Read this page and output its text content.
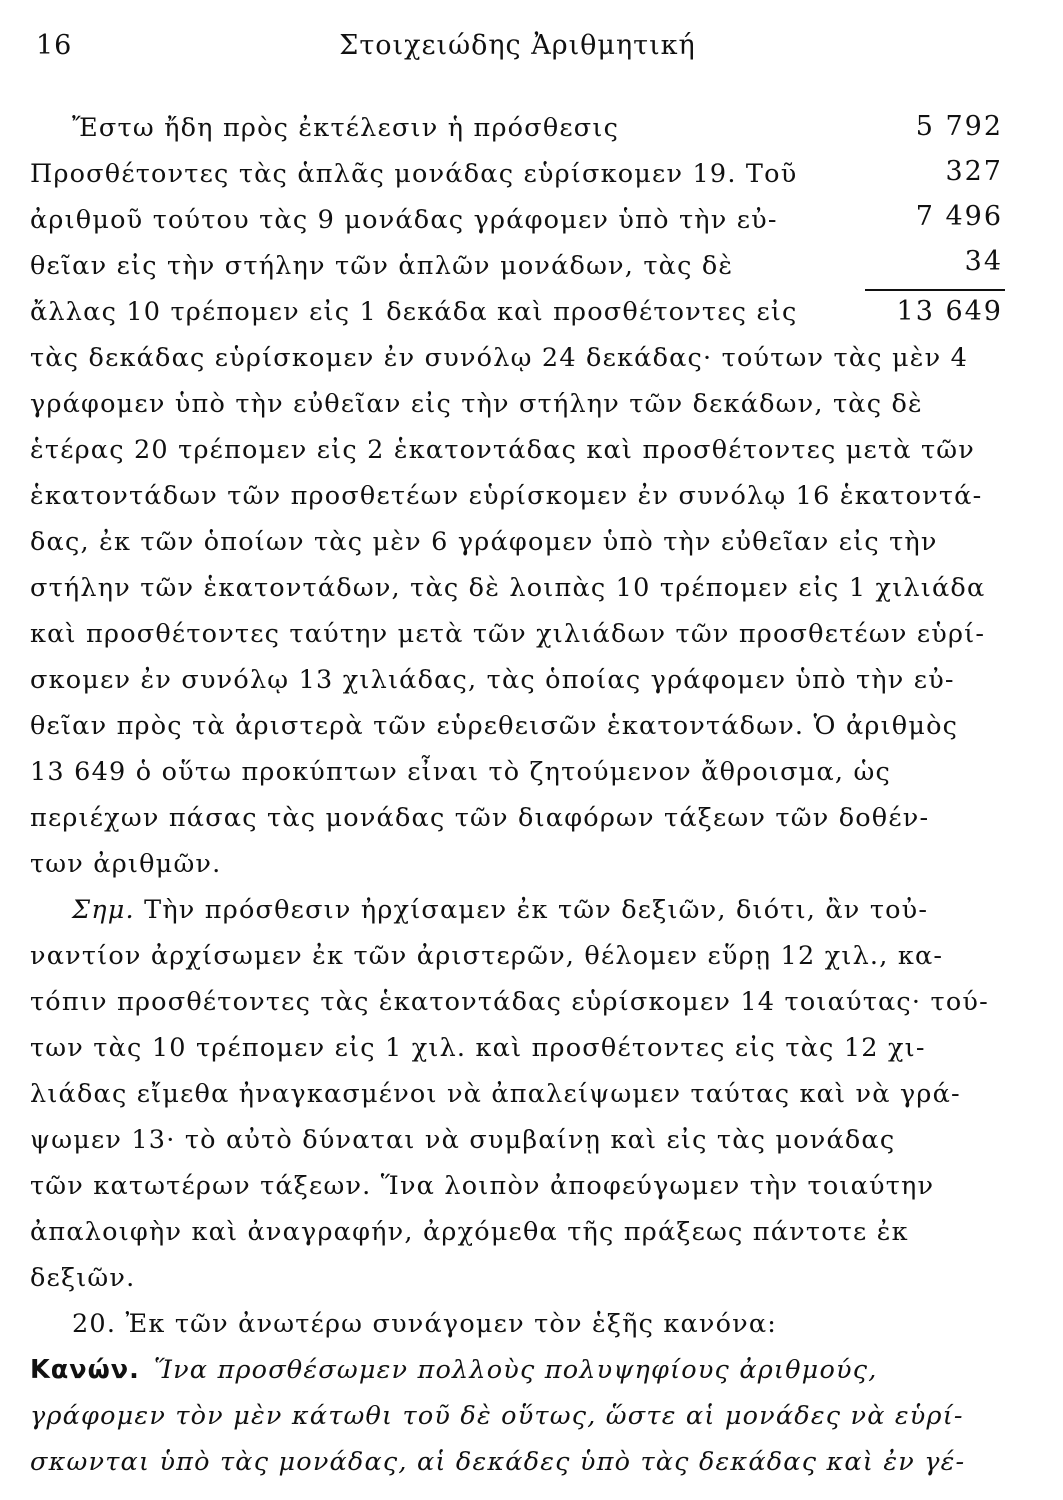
16	Στοιχειώδης Ἀριθμητική
5 792
327
7 496
34
13 649
Ἔστω ἤδη πρὸς ἐκτέλεσιν ἡ πρόσθεσις
Προσθέτοντες τὰς ἁπλᾶς μονάδας εὑρίσκομεν 19. Τοῦ
ἀριθμοῦ τούτου τὰς 9 μονάδας γράφομεν ὑπὸ τὴν εὐ-
θεῖαν εἰς τὴν στήλην τῶν ἁπλῶν μονάδων, τὰς δὲ
ἄλλας 10 τρέπομεν εἰς 1 δεκάδα καὶ προσθέτοντες εἰς
τὰς δεκάδας εὑρίσκομεν ἐν συνόλῳ 24 δεκάδας· τούτων τὰς μὲν 4
γράφομεν ὑπὸ τὴν εὐθεῖαν εἰς τὴν στήλην τῶν δεκάδων, τὰς δὲ
ἑτέρας 20 τρέπομεν εἰς 2 ἑκατοντάδας καὶ προσθέτοντες μετὰ τῶν
ἑκατοντάδων τῶν προσθετέων εὑρίσκομεν ἐν συνόλῳ 16 ἑκατοντά-
δας, ἐκ τῶν ὁποίων τὰς μὲν 6 γράφομεν ὑπὸ τὴν εὐθεῖαν εἰς τὴν
στήλην τῶν ἑκατοντάδων, τὰς δὲ λοιπὰς 10 τρέπομεν εἰς 1 χιλιάδα
καὶ προσθέτοντες ταύτην μετὰ τῶν χιλιάδων τῶν προσθετέων εὑρί-
σκομεν ἐν συνόλῳ 13 χιλιάδας, τὰς ὁποίας γράφομεν ὑπὸ τὴν εὐ-
θεῖαν πρὸς τὰ ἀριστερὰ τῶν εὑρεθεισῶν ἑκατοντάδων. Ὁ ἀριθμὸς
13 649 ὁ οὕτω προκύπτων εἶναι τὸ ζητούμενον ἄθροισμα, ὡς
περιέχων πάσας τὰς μονάδας τῶν διαφόρων τάξεων τῶν δοθέν-
των ἀριθμῶν.
Σημ. Τὴν πρόσθεσιν ἠρχίσαμεν ἐκ τῶν δεξιῶν, διότι, ἂν τοὐ-
ναντίον ἀρχίσωμεν ἐκ τῶν ἀριστερῶν, θέλομεν εὕρῃ 12 χιλ., κα-
τόπιν προσθέτοντες τὰς ἑκατοντάδας εὑρίσκομεν 14 τοιαύτας· τού-
των τὰς 10 τρέπομεν εἰς 1 χιλ. καὶ προσθέτοντες εἰς τὰς 12 χι-
λιάδας εἴμεθα ἠναγκασμένοι νὰ ἀπαλείψωμεν ταύτας καὶ νὰ γρά-
ψωμεν 13· τὸ αὐτὸ δύναται νὰ συμβαίνῃ καὶ εἰς τὰς μονάδας
τῶν κατωτέρων τάξεων. Ἵνα λοιπὸν ἀποφεύγωμεν τὴν τοιαύτην
ἀπαλοιφὴν καὶ ἀναγραφήν, ἀρχόμεθα τῆς πράξεως πάντοτε ἐκ
δεξιῶν.
20. Ἐκ τῶν ἀνωτέρω συνάγομεν τὸν ἑξῆς κανόνα:
Κανών. Ἵνα προσθέσωμεν πολλοὺς πολυψηφίους ἀριθμούς,
γράφομεν τὸν μὲν κάτωθι τοῦ δὲ οὕτως, ὥστε αἱ μονάδες νὰ εὑρί-
σκωνται ὑπὸ τὰς μονάδας, αἱ δεκάδες ὑπὸ τὰς δεκάδας καὶ ἐν γέ-
